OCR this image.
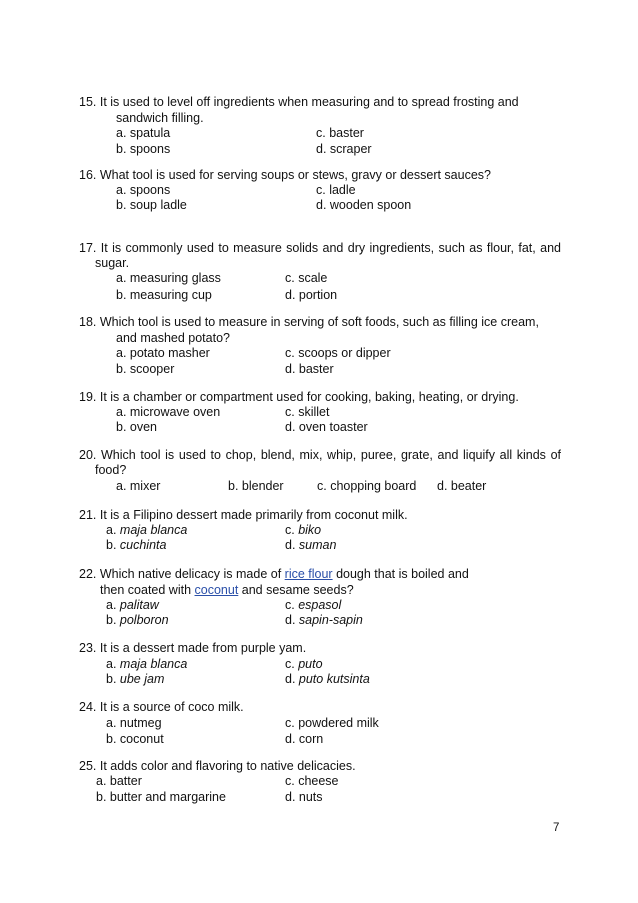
15. It is used to level off ingredients when measuring and to spread frosting and
sandwich filling.
a. spatula	c. baster
b. spoons	d. scraper
16. What tool is used for serving soups or stews, gravy or dessert sauces?
a. spoons	c. ladle
b. soup ladle	d. wooden spoon
17. It is commonly used to measure solids and dry ingredients, such as flour, fat, and
sugar.
a. measuring glass	c. scale
b. measuring cup	d. portion
18. Which tool is used to measure in serving of soft foods, such as filling ice cream,
and mashed potato?
a. potato masher	c. scoops or dipper
b. scooper	d. baster
19. It is a chamber or compartment used for cooking, baking, heating, or drying.
a. microwave oven	c. skillet
b. oven	d. oven toaster
20. Which tool is used to chop, blend, mix, whip, puree, grate, and liquify all kinds of
food?
a. mixer	b. blender	c. chopping board d. beater
21. It is a Filipino dessert made primarily from coconut milk.
a. maja blanca	c. biko
b. cuchinta	d. suman
22. Which native delicacy is made of rice flour dough that is boiled and
then coated with coconut and sesame seeds?
a. palitaw	c. espasol
b. polboron	d. sapin-sapin
23. It is a dessert made from purple yam.
a. maja blanca	c. puto
b. ube jam	d. puto kutsinta
24. It is a source of coco milk.
a. nutmeg	c. powdered milk
b. coconut	d. corn
25. It adds color and flavoring to native delicacies.
a. batter	c. cheese
b. butter and margarine	d. nuts
7
